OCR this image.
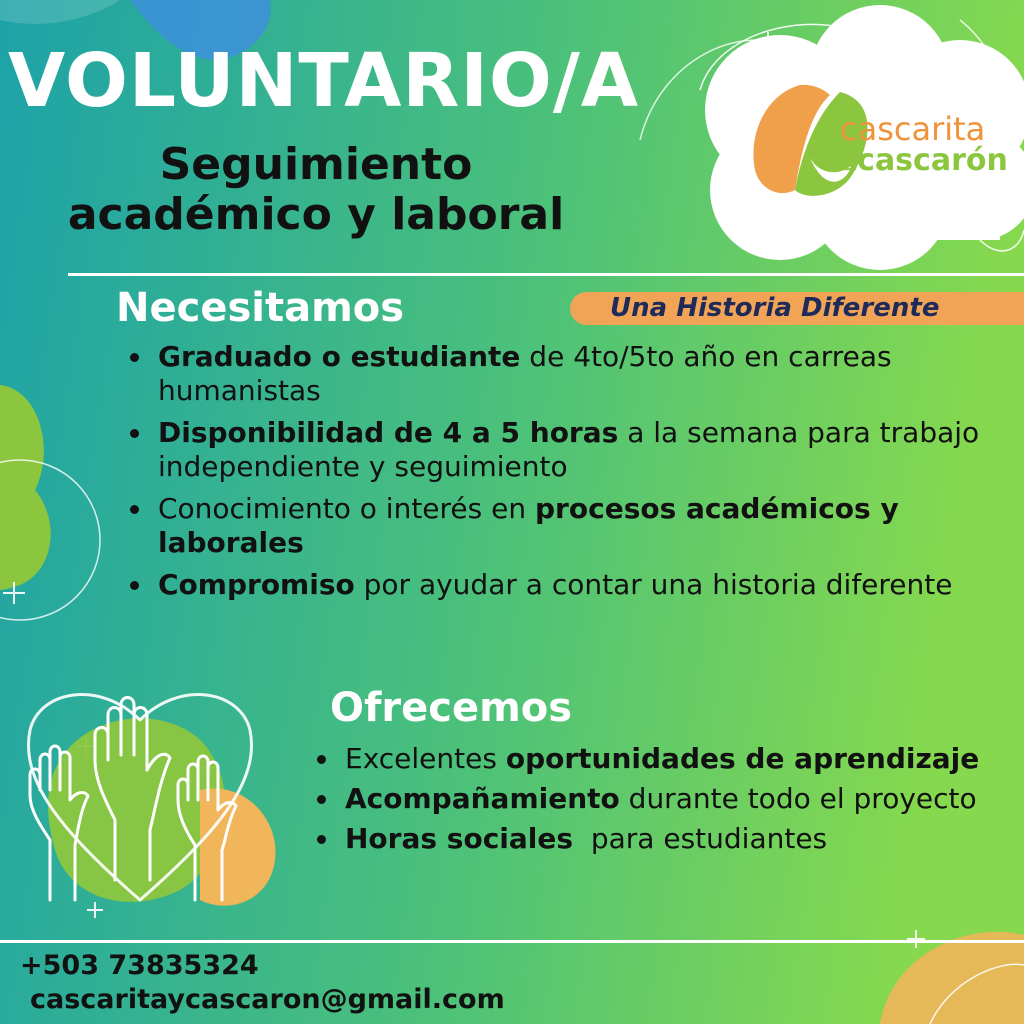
VOLUNTARIO/A
Seguimiento
académico y laboral
cascarita
&cascarón
Necesitamos	Una Historia Diferente
Graduado o estudiante de 4to/5to año en carreas humanistas
Disponibilidad de 4 a 5 horas a la semana para trabajo independiente y seguimiento
Conocimiento o interés en procesos académicos y laborales
Compromiso por ayudar a contar una historia diferente
Ofrecemos
Excelentes oportunidades de aprendizaje
Acompañamiento durante todo el proyecto
Horas sociales  para estudiantes
+503 73835324
cascaritaycascaron@gmail.com
